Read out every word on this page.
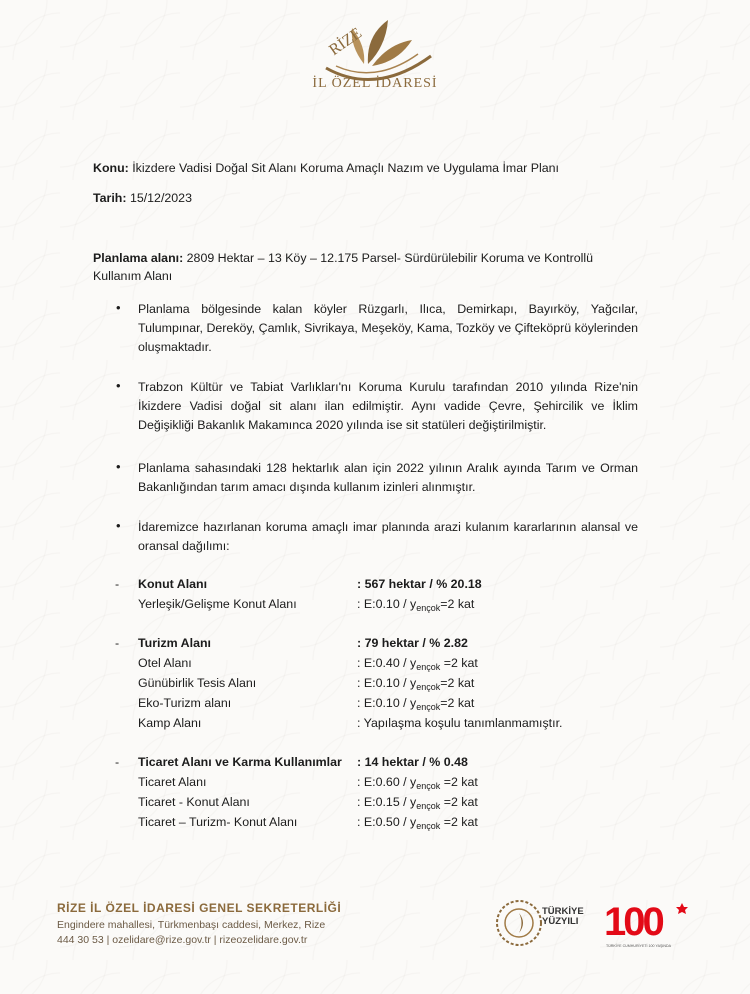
RİZE
İL ÖZEL İDARESİ
Konu: İkizdere Vadisi Doğal Sit Alanı Koruma Amaçlı Nazım ve Uygulama İmar Planı
Tarih: 15/12/2023
Planlama alanı: 2809 Hektar – 13 Köy – 12.175 Parsel- Sürdürülebilir Koruma ve Kontrollü
Kullanım Alanı
• Planlama bölgesinde kalan köyler Rüzgarlı, Ilıca, Demirkapı, Bayırköy, Yağcılar, Tulumpınar, Dereköy, Çamlık, Sivrikaya, Meşeköy, Kama, Tozköy ve Çifteköprü köylerinden oluşmaktadır.
• Trabzon Kültür ve Tabiat Varlıkları'nı Koruma Kurulu tarafından 2010 yılında Rize'nin İkizdere Vadisi doğal sit alanı ilan edilmiştir. Aynı vadide Çevre, Şehircilik ve İklim Değişikliği Bakanlık Makamınca 2020 yılında ise sit statüleri değiştirilmiştir.
• Planlama sahasındaki 128 hektarlık alan için 2022 yılının Aralık ayında Tarım ve Orman Bakanlığından tarım amacı dışında kullanım izinleri alınmıştır.
• İdaremizce hazırlanan koruma amaçlı imar planında arazi kulanım kararlarının alansal ve oransal dağılımı:
- Konut Alanı	: 567 hektar / % 20.18
Yerleşik/Gelişme Konut Alanı	: E:0.10 / $y_{ençok}=2$ kat
- Turizm Alanı	: 79 hektar / % 2.82
Otel Alanı	: E:0.40 / $y_{ençok} =2$ kat
Günübirlik Tesis Alanı	: E:0.10 / $y_{ençok}=2$ kat
Eko-Turizm alanı	: E:0.10 / $y_{ençok}=2$ kat
Kamp Alanı	: Yapılaşma koşulu tanımlanmamıştır.
- Ticaret Alanı ve Karma Kullanımlar : 14 hektar / % 0.48
Ticaret Alanı	: E:0.60 / $y_{ençok} =2$ kat
Ticaret - Konut Alanı	: E:0.15 / $y_{ençok} =2$ kat
Ticaret – Turizm- Konut Alanı	: E:0.50 / $y_{ençok} =2$ kat
RİZE İL ÖZEL İDARESİ GENEL SEKRETERLİĞİ
Engindere mahallesi, Türkmenbaşı caddesi, Merkez, Rize
444 30 53 | ozelidare@rize.gov.tr | rizeozelidare.gov.tr
TÜRKİYE
YÜZYILI 100
TÜRKİYE CUMHURİYETİ 100 YAŞINDA
